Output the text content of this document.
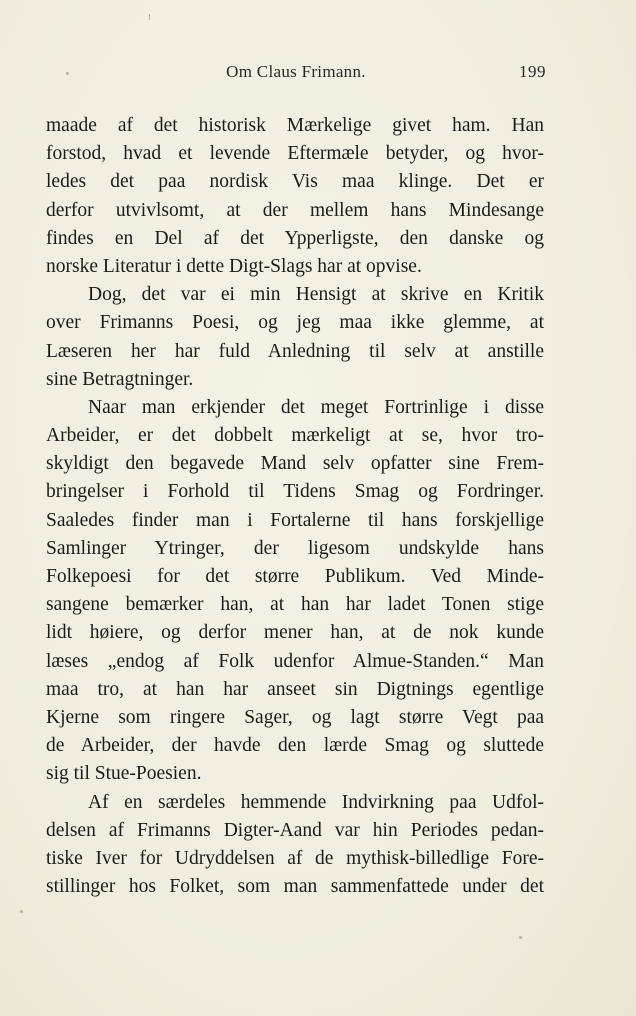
Om Claus Frimann.	199
maade af det historisk Mærkelige givet ham. Han
forstod, hvad et levende Eftermæle betyder, og hvor-
ledes det paa nordisk Vis maa klinge. Det er
derfor utvivlsomt, at der mellem hans Mindesange
findes en Del af det Ypperligste, den danske og
norske Literatur i dette Digt-Slags har at opvise.
Dog, det var ei min Hensigt at skrive en Kritik
over Frimanns Poesi, og jeg maa ikke glemme, at
Læseren her har fuld Anledning til selv at anstille
sine Betragtninger.
Naar man erkjender det meget Fortrinlige i disse
Arbeider, er det dobbelt mærkeligt at se, hvor tro-
skyldigt den begavede Mand selv opfatter sine Frem-
bringelser i Forhold til Tidens Smag og Fordringer.
Saaledes finder man i Fortalerne til hans forskjellige
Samlinger Ytringer, der ligesom undskylde hans
Folkepoesi for det større Publikum. Ved Minde-
sangene bemærker han, at han har ladet Tonen stige
lidt høiere, og derfor mener han, at de nok kunde
læses „endog af Folk udenfor Almue-Standen.“ Man
maa tro, at han har anseet sin Digtnings egentlige
Kjerne som ringere Sager, og lagt større Vegt paa
de Arbeider, der havde den lærde Smag og sluttede
sig til Stue-Poesien.
Af en særdeles hemmende Indvirkning paa Udfol-
delsen af Frimanns Digter-Aand var hin Periodes pedan-
tiske Iver for Udryddelsen af de mythisk-billedlige Fore-
stillinger hos Folket, som man sammenfattede under det
